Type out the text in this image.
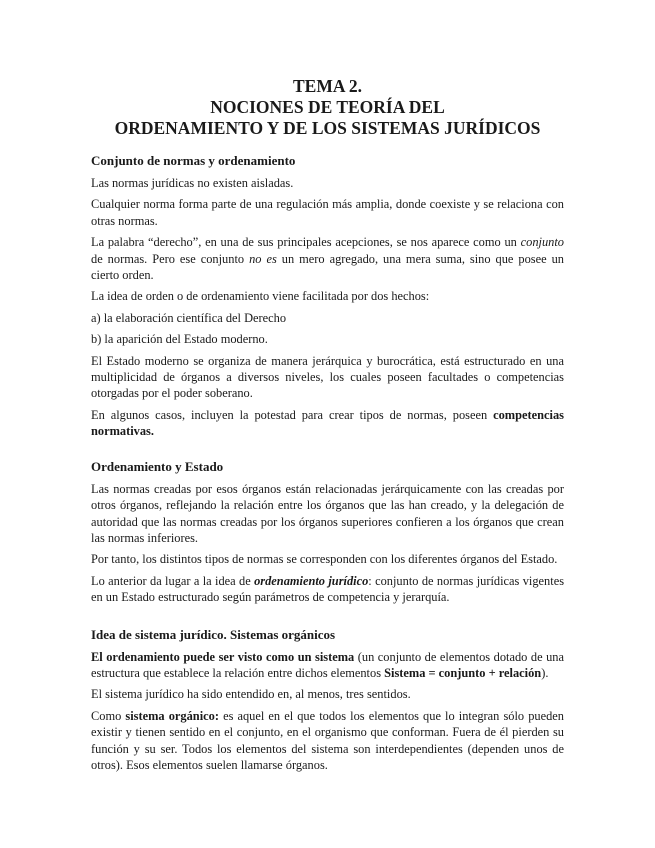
TEMA 2.
NOCIONES DE TEORÍA DEL
ORDENAMIENTO Y DE LOS SISTEMAS JURÍDICOS
Conjunto de normas y ordenamiento

Las normas jurídicas no existen aisladas.

Cualquier norma forma parte de una regulación más amplia, donde coexiste y se relaciona con otras normas.

La palabra “derecho”, en una de sus principales acepciones, se nos aparece como un conjunto de normas. Pero ese conjunto no es un mero agregado, una mera suma, sino que posee un cierto orden.

La idea de orden o de ordenamiento viene facilitada por dos hechos:

a) la elaboración científica del Derecho

b) la aparición del Estado moderno.

El Estado moderno se organiza de manera jerárquica y burocrática, está estructurado en una multiplicidad de órganos a diversos niveles, los cuales poseen facultades o competencias otorgadas por el poder soberano.

En algunos casos, incluyen la potestad para crear tipos de normas, poseen competencias normativas.

Ordenamiento y Estado

Las normas creadas por esos órganos están relacionadas jerárquicamente con las creadas por otros órganos, reflejando la relación entre los órganos que las han creado, y la delegación de autoridad que las normas creadas por los órganos superiores confieren a los órganos que crean las normas inferiores.

Por tanto, los distintos tipos de normas se corresponden con los diferentes órganos del Estado.

Lo anterior da lugar a la idea de ordenamiento jurídico: conjunto de normas jurídicas vigentes en un Estado estructurado según parámetros de competencia y jerarquía.

Idea de sistema jurídico. Sistemas orgánicos

El ordenamiento puede ser visto como un sistema (un conjunto de elementos dotado de una estructura que establece la relación entre dichos elementos Sistema = conjunto + relación).

El sistema jurídico ha sido entendido en, al menos, tres sentidos.

Como sistema orgánico: es aquel en el que todos los elementos que lo integran sólo pueden existir y tienen sentido en el conjunto, en el organismo que conforman. Fuera de él pierden su función y su ser. Todos los elementos del sistema son interdependientes (dependen unos de otros). Esos elementos suelen llamarse órganos.
